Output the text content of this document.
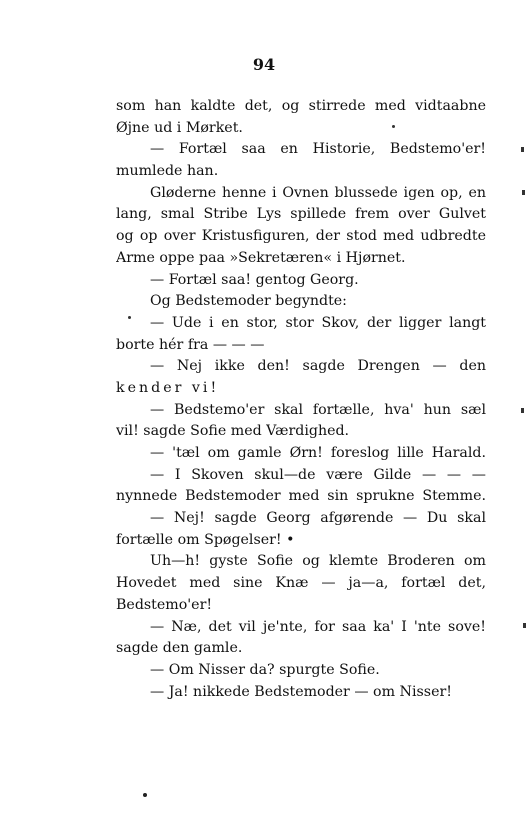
94
som han kaldte det, og stirrede med vidtaabne
Øjne ud i Mørket.
— Fortæl saa en Historie, Bedstemo'er!
mumlede han.
Gløderne henne i Ovnen blussede igen op, en
lang, smal Stribe Lys spillede frem over Gulvet
og op over Kristusfiguren, der stod med udbredte
Arme oppe paa »Sekretæren« i Hjørnet.
— Fortæl saa! gentog Georg.
Og Bedstemoder begyndte:
— Ude i en stor, stor Skov, der ligger langt
borte hér fra — — —
— Nej ikke den! sagde Drengen — den
kender vi!
— Bedstemo'er skal fortælle, hva' hun sæl
vil! sagde Sofie med Værdighed.
— 'tæl om gamle Ørn! foreslog lille Harald.
— I Skoven skul—de være Gilde — — —
nynnede Bedstemoder med sin sprukne Stemme.
— Nej! sagde Georg afgørende — Du skal
fortælle om Spøgelser! •
Uh—h! gyste Sofie og klemte Broderen om
Hovedet med sine Knæ — ja—a, fortæl det,
Bedstemo'er!
— Næ, det vil je'nte, for saa ka' I 'nte sove!
sagde den gamle.
— Om Nisser da? spurgte Sofie.
— Ja! nikkede Bedstemoder — om Nisser!
